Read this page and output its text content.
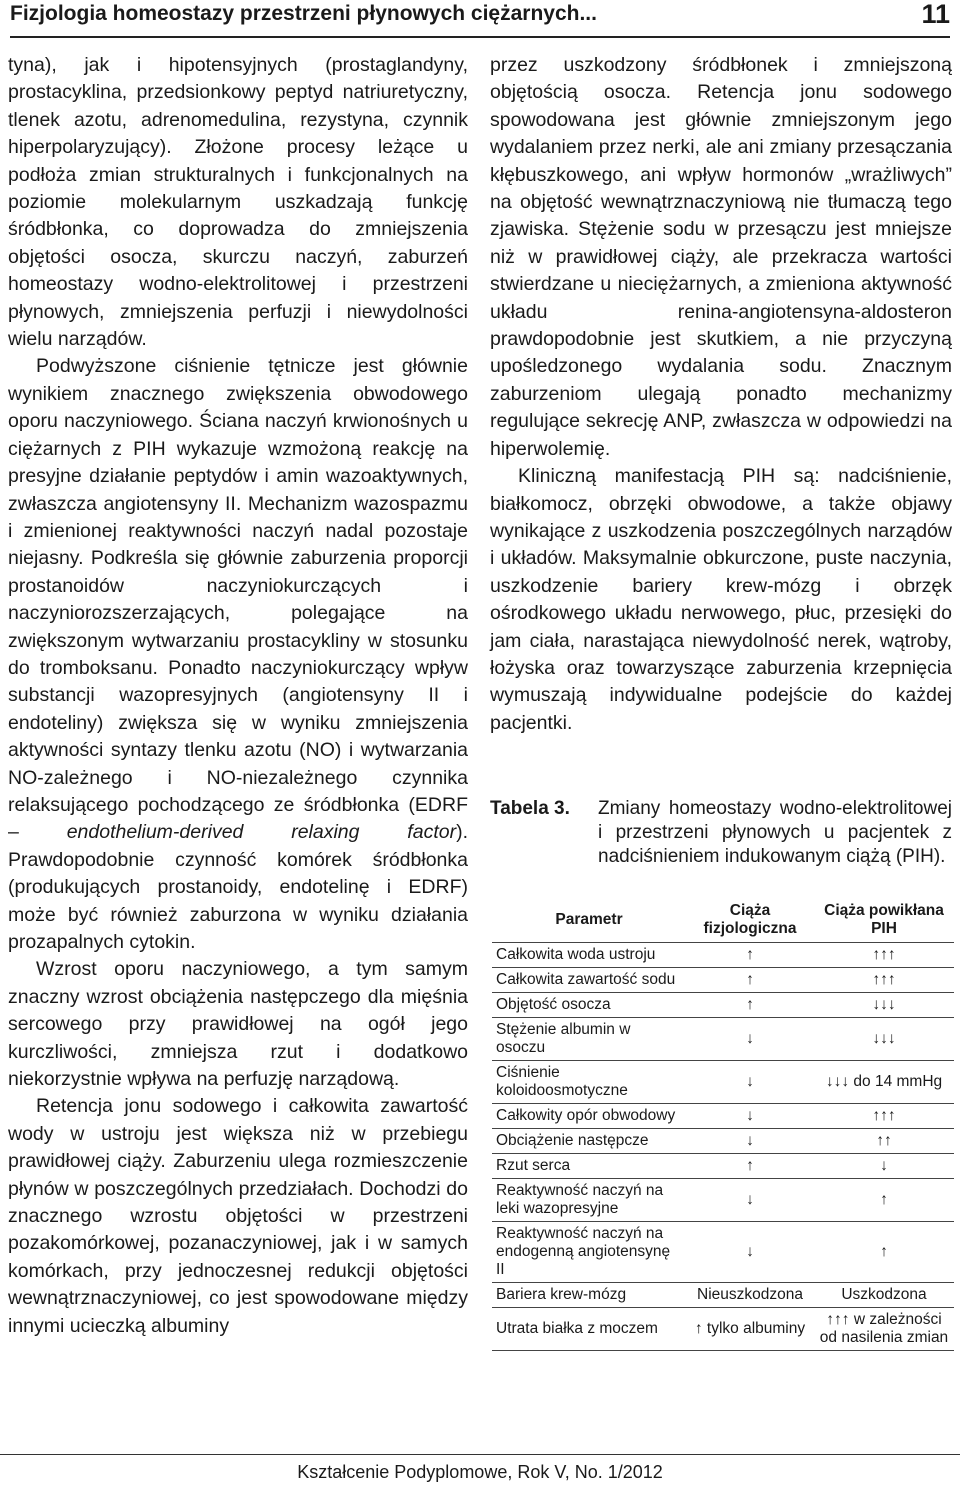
Fizjologia homeostazy przestrzeni płynowych ciężarnych...	11

tyna), jak i hipotensyjnych (prostaglandyny, prostacyklina, przedsionkowy peptyd natriuretyczny, tlenek azotu, adrenomedulina, rezystyna, czynnik hiperpolaryzujący). Złożone procesy leżące u podłoża zmian strukturalnych i funkcjonalnych na poziomie molekularnym uszkadzają funkcję śródbłonka, co doprowadza do zmniejszenia objętości osocza, skurczu naczyń, zaburzeń homeostazy wodno-elektrolitowej i przestrzeni płynowych, zmniejszenia perfuzji i niewydolności wielu narządów.

Podwyższone ciśnienie tętnicze jest głównie wynikiem znacznego zwiększenia obwodowego oporu naczyniowego. Ściana naczyń krwionośnych u ciężarnych z PIH wykazuje wzmożoną reakcję na presyjne działanie peptydów i amin wazoaktywnych, zwłaszcza angiotensyny II. Mechanizm wazospazmu i zmienionej reaktywności naczyń nadal pozostaje niejasny. Podkreśla się głównie zaburzenia proporcji prostanoidów naczyniokurczących i naczyniorozszerzających, polegające na zwiększonym wytwarzaniu prostacykliny w stosunku do tromboksanu. Ponadto naczyniokurczący wpływ substancji wazopresyjnych (angiotensyny II i endoteliny) zwiększa się w wyniku zmniejszenia aktywności syntazy tlenku azotu (NO) i wytwarzania NO-zależnego i NO-niezależnego czynnika relaksującego pochodzącego ze śródbłonka (EDRF – endothelium-derived relaxing factor). Prawdopodobnie czynność komórek śródbłonka (produkujących prostanoidy, endotelinę i EDRF) może być również zaburzona w wyniku działania prozapalnych cytokin.

Wzrost oporu naczyniowego, a tym samym znaczny wzrost obciążenia następczego dla mięśnia sercowego przy prawidłowej na ogół jego kurczliwości, zmniejsza rzut i dodatkowo niekorzystnie wpływa na perfuzję narządową.

Retencja jonu sodowego i całkowita zawartość wody w ustroju jest większa niż w przebiegu prawidłowej ciąży. Zaburzeniu ulega rozmieszczenie płynów w poszczególnych przedziałach. Dochodzi do znacznego wzrostu objętości w przestrzeni pozakomórkowej, pozanaczyniowej, jak i w samych komórkach, przy jednoczesnej redukcji objętości wewnątrznaczyniowej, co jest spowodowane między innymi ucieczką albuminy

przez uszkodzony śródbłonek i zmniejszoną objętością osocza. Retencja jonu sodowego spowodowana jest głównie zmniejszonym jego wydalaniem przez nerki, ale ani zmiany przesączania kłębuszkowego, ani wpływ hormonów „wrażliwych” na objętość wewnątrznaczyniową nie tłumaczą tego zjawiska. Stężenie sodu w przesączu jest mniejsze niż w prawidłowej ciąży, ale przekracza wartości stwierdzane u nieciężarnych, a zmieniona aktywność układu renina-angiotensyna-aldosteron prawdopodobnie jest skutkiem, a nie przyczyną upośledzonego wydalania sodu. Znacznym zaburzeniom ulegają ponadto mechanizmy regulujące sekrecję ANP, zwłaszcza w odpowiedzi na hiperwolemię.

Kliniczną manifestacją PIH są: nadciśnienie, białkomocz, obrzęki obwodowe, a także objawy wynikające z uszkodzenia poszczególnych narządów i układów. Maksymalnie obkurczone, puste naczynia, uszkodzenie bariery krew-mózg i obrzęk ośrodkowego układu nerwowego, płuc, przesięki do jam ciała, narastająca niewydolność nerek, wątroby, łożyska oraz towarzyszące zaburzenia krzepnięcia wymuszają indywidualne podejście do każdej pacjentki.

Tabela 3. Zmiany homeostazy wodno-elektrolitowej i przestrzeni płynowych u pacjentek z nadciśnieniem indukowanym ciążą (PIH).
Parametr	Ciąża fizjologiczna	Ciąża powikłana PIH
Całkowita woda ustroju	↑	↑↑↑
Całkowita zawartość sodu	↑	↑↑↑
Objętość osocza	↑	↓↓↓
Stężenie albumin w osoczu	↓	↓↓↓
Ciśnienie koloidoosmotyczne	↓	↓↓↓ do 14 mmHg
Całkowity opór obwodowy	↓	↑↑↑
Obciążenie następcze	↓	↑↑
Rzut serca	↑	↓
Reaktywność naczyń na leki wazopresyjne	↓	↑
Reaktywność naczyń na endogenną angiotensynę II	↓	↑
Bariera krew-mózg	Nieuszkodzona	Uszkodzona
Utrata białka z moczem	↑ tylko albuminy	↑↑↑ w zależności od nasilenia zmian
Kształcenie Podyplomowe, Rok V, No. 1/2012
